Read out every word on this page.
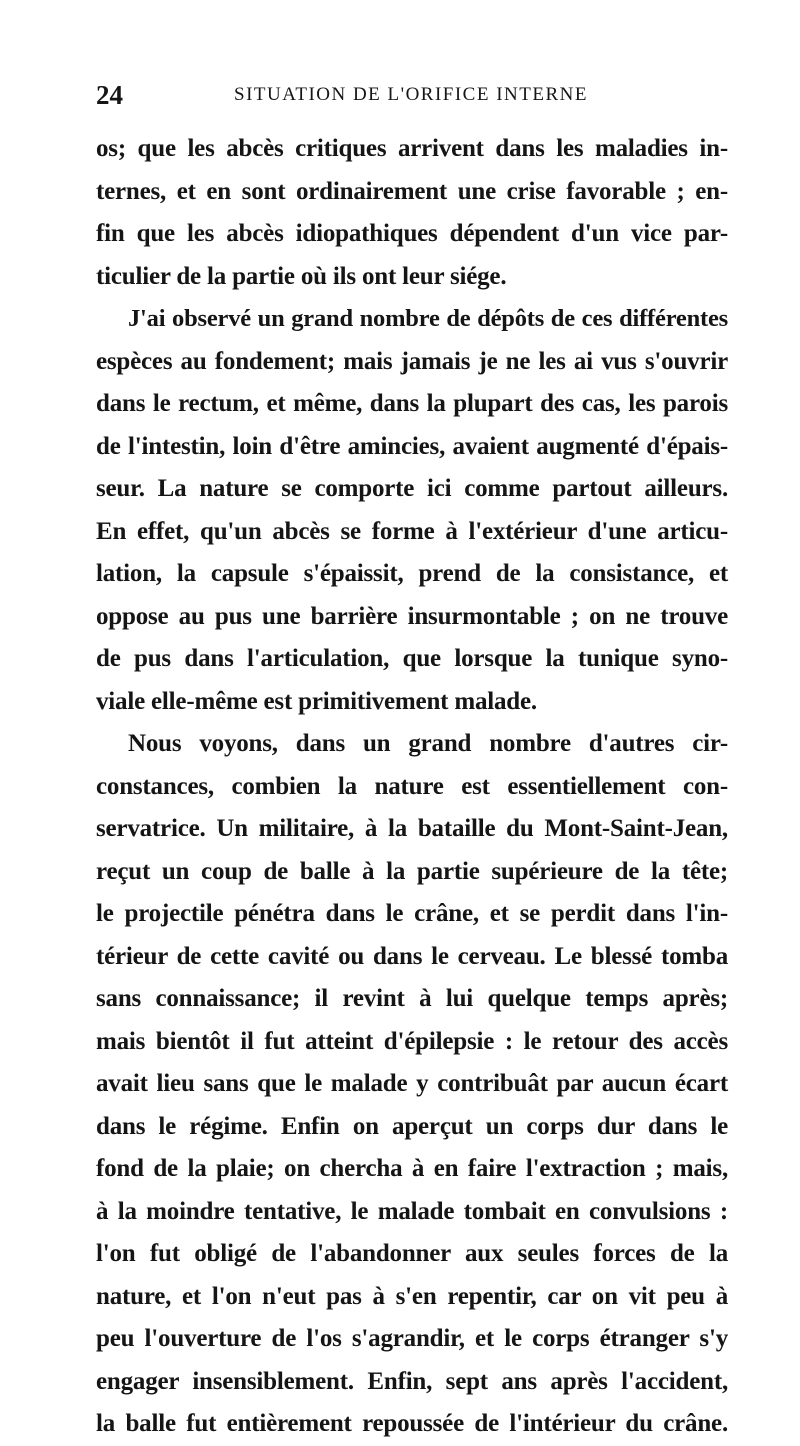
24	SITUATION DE L'ORIFICE INTERNE
os; que les abcès critiques arrivent dans les maladies in-
ternes, et en sont ordinairement une crise favorable ; en-
fin que les abcès idiopathiques dépendent d'un vice par-
ticulier de la partie où ils ont leur siége.
J'ai observé un grand nombre de dépôts de ces différentes
espèces au fondement; mais jamais je ne les ai vus s'ouvrir
dans le rectum, et même, dans la plupart des cas, les parois
de l'intestin, loin d'être amincies, avaient augmenté d'épais-
seur. La nature se comporte ici comme partout ailleurs.
En effet, qu'un abcès se forme à l'extérieur d'une articu-
lation, la capsule s'épaissit, prend de la consistance, et
oppose au pus une barrière insurmontable ; on ne trouve
de pus dans l'articulation, que lorsque la tunique syno-
viale elle-même est primitivement malade.
Nous voyons, dans un grand nombre d'autres cir-
constances, combien la nature est essentiellement con-
servatrice. Un militaire, à la bataille du Mont-Saint-Jean,
reçut un coup de balle à la partie supérieure de la tête;
le projectile pénétra dans le crâne, et se perdit dans l'in-
térieur de cette cavité ou dans le cerveau. Le blessé tomba
sans connaissance; il revint à lui quelque temps après;
mais bientôt il fut atteint d'épilepsie : le retour des accès
avait lieu sans que le malade y contribuât par aucun écart
dans le régime. Enfin on aperçut un corps dur dans le
fond de la plaie; on chercha à en faire l'extraction ; mais,
à la moindre tentative, le malade tombait en convulsions :
l'on fut obligé de l'abandonner aux seules forces de la
nature, et l'on n'eut pas à s'en repentir, car on vit peu à
peu l'ouverture de l'os s'agrandir, et le corps étranger s'y
engager insensiblement. Enfin, sept ans après l'accident,
la balle fut entièrement repoussée de l'intérieur du crâne.
